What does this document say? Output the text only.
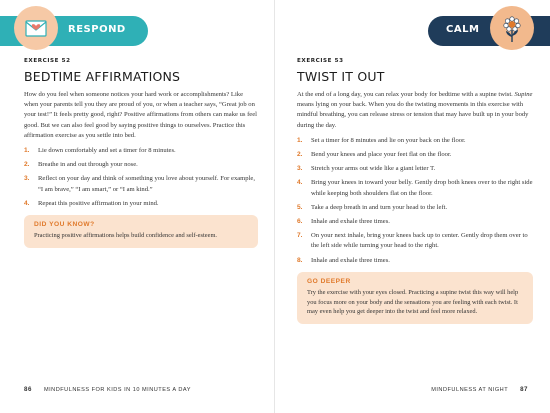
RESPOND
EXERCISE 52
BEDTIME AFFIRMATIONS

How do you feel when someone notices your hard work or accomplishments? Like when your parents tell you they are proud of you, or when a teacher says, “Great job on your test!” It feels pretty good, right? Positive affirmations from others can make us feel good. But we can also feel good by saying positive things to ourselves. Practice this affirmation exercise as you settle into bed.

1. Lie down comfortably and set a timer for 8 minutes.
2. Breathe in and out through your nose.
3. Reflect on your day and think of something you love about yourself. For example, “I am brave,” “I am smart,” or “I am kind.”
4. Repeat this positive affirmation in your mind.
DID YOU KNOW?
Practicing positive affirmations helps build confidence and self-esteem.
86 MINDFULNESS FOR KIDS IN 10 MINUTES A DAY
CALM
EXERCISE 53
TWIST IT OUT

At the end of a long day, you can relax your body for bedtime with a supine twist. Supine means lying on your back. When you do the twisting movements in this exercise with mindful breathing, you can release stress or tension that may have built up in your body during the day.

1. Set a timer for 8 minutes and lie on your back on the floor.
2. Bend your knees and place your feet flat on the floor.
3. Stretch your arms out wide like a giant letter T.
4. Bring your knees in toward your belly. Gently drop both knees over to the right side while keeping both shoulders flat on the floor.
5. Take a deep breath in and turn your head to the left.
6. Inhale and exhale three times.
7. On your next inhale, bring your knees back up to center. Gently drop them over to the left side while turning your head to the right.
8. Inhale and exhale three times.
GO DEEPER
Try the exercise with your eyes closed. Practicing a supine twist this way will help you focus more on your body and the sensations you are feeling with each twist. It may even help you get deeper into the twist and feel more relaxed.
MINDFULNESS AT NIGHT 87
